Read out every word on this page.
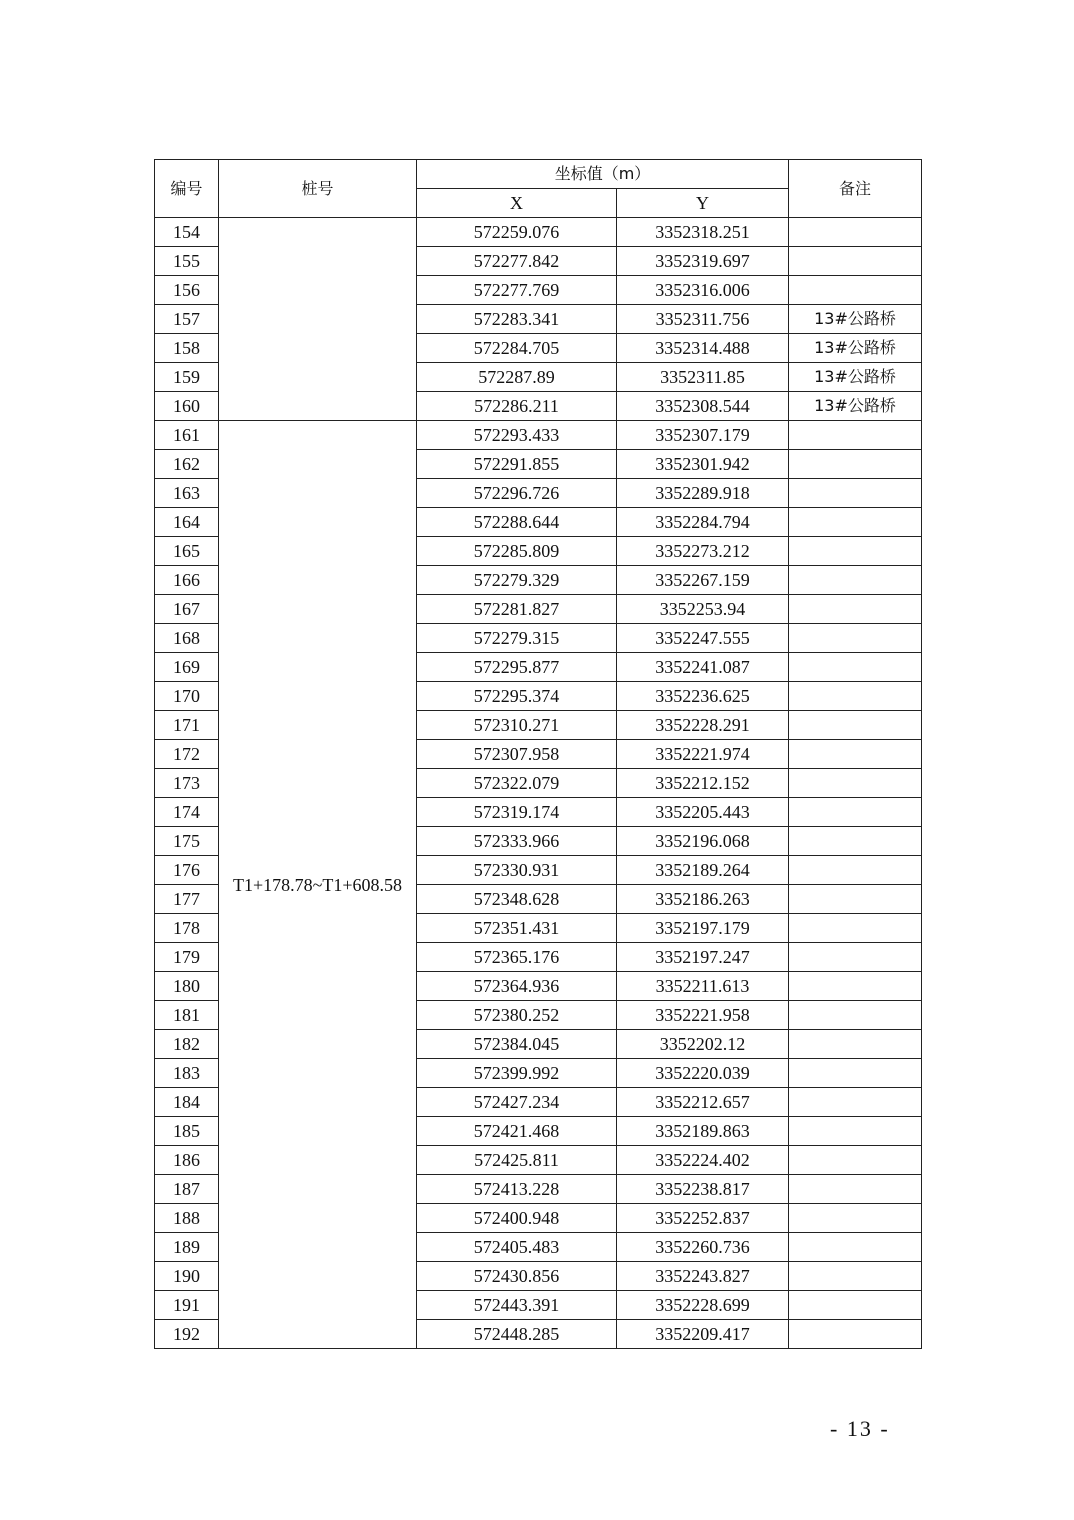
编号	桩号	坐标值（m）		备注
		X	Y	
154		572259.076	3352318.251	
155		572277.842	3352319.697	
156		572277.769	3352316.006	
157		572283.341	3352311.756	13#公路桥
158		572284.705	3352314.488	13#公路桥
159		572287.89	3352311.85	13#公路桥
160		572286.211	3352308.544	13#公路桥
161	T1+178.78~T1+608.58	572293.433	3352307.179	
162		572291.855	3352301.942	
163		572296.726	3352289.918	
164		572288.644	3352284.794	
165		572285.809	3352273.212	
166		572279.329	3352267.159	
167		572281.827	3352253.94	
168		572279.315	3352247.555	
169		572295.877	3352241.087	
170		572295.374	3352236.625	
171		572310.271	3352228.291	
172		572307.958	3352221.974	
173		572322.079	3352212.152	
174		572319.174	3352205.443	
175		572333.966	3352196.068	
176		572330.931	3352189.264	
177		572348.628	3352186.263	
178		572351.431	3352197.179	
179		572365.176	3352197.247	
180		572364.936	3352211.613	
181		572380.252	3352221.958	
182		572384.045	3352202.12	
183		572399.992	3352220.039	
184		572427.234	3352212.657	
185		572421.468	3352189.863	
186		572425.811	3352224.402	
187		572413.228	3352238.817	
188		572400.948	3352252.837	
189		572405.483	3352260.736	
190		572430.856	3352243.827	
191		572443.391	3352228.699	
192		572448.285	3352209.417	
- 13 -
